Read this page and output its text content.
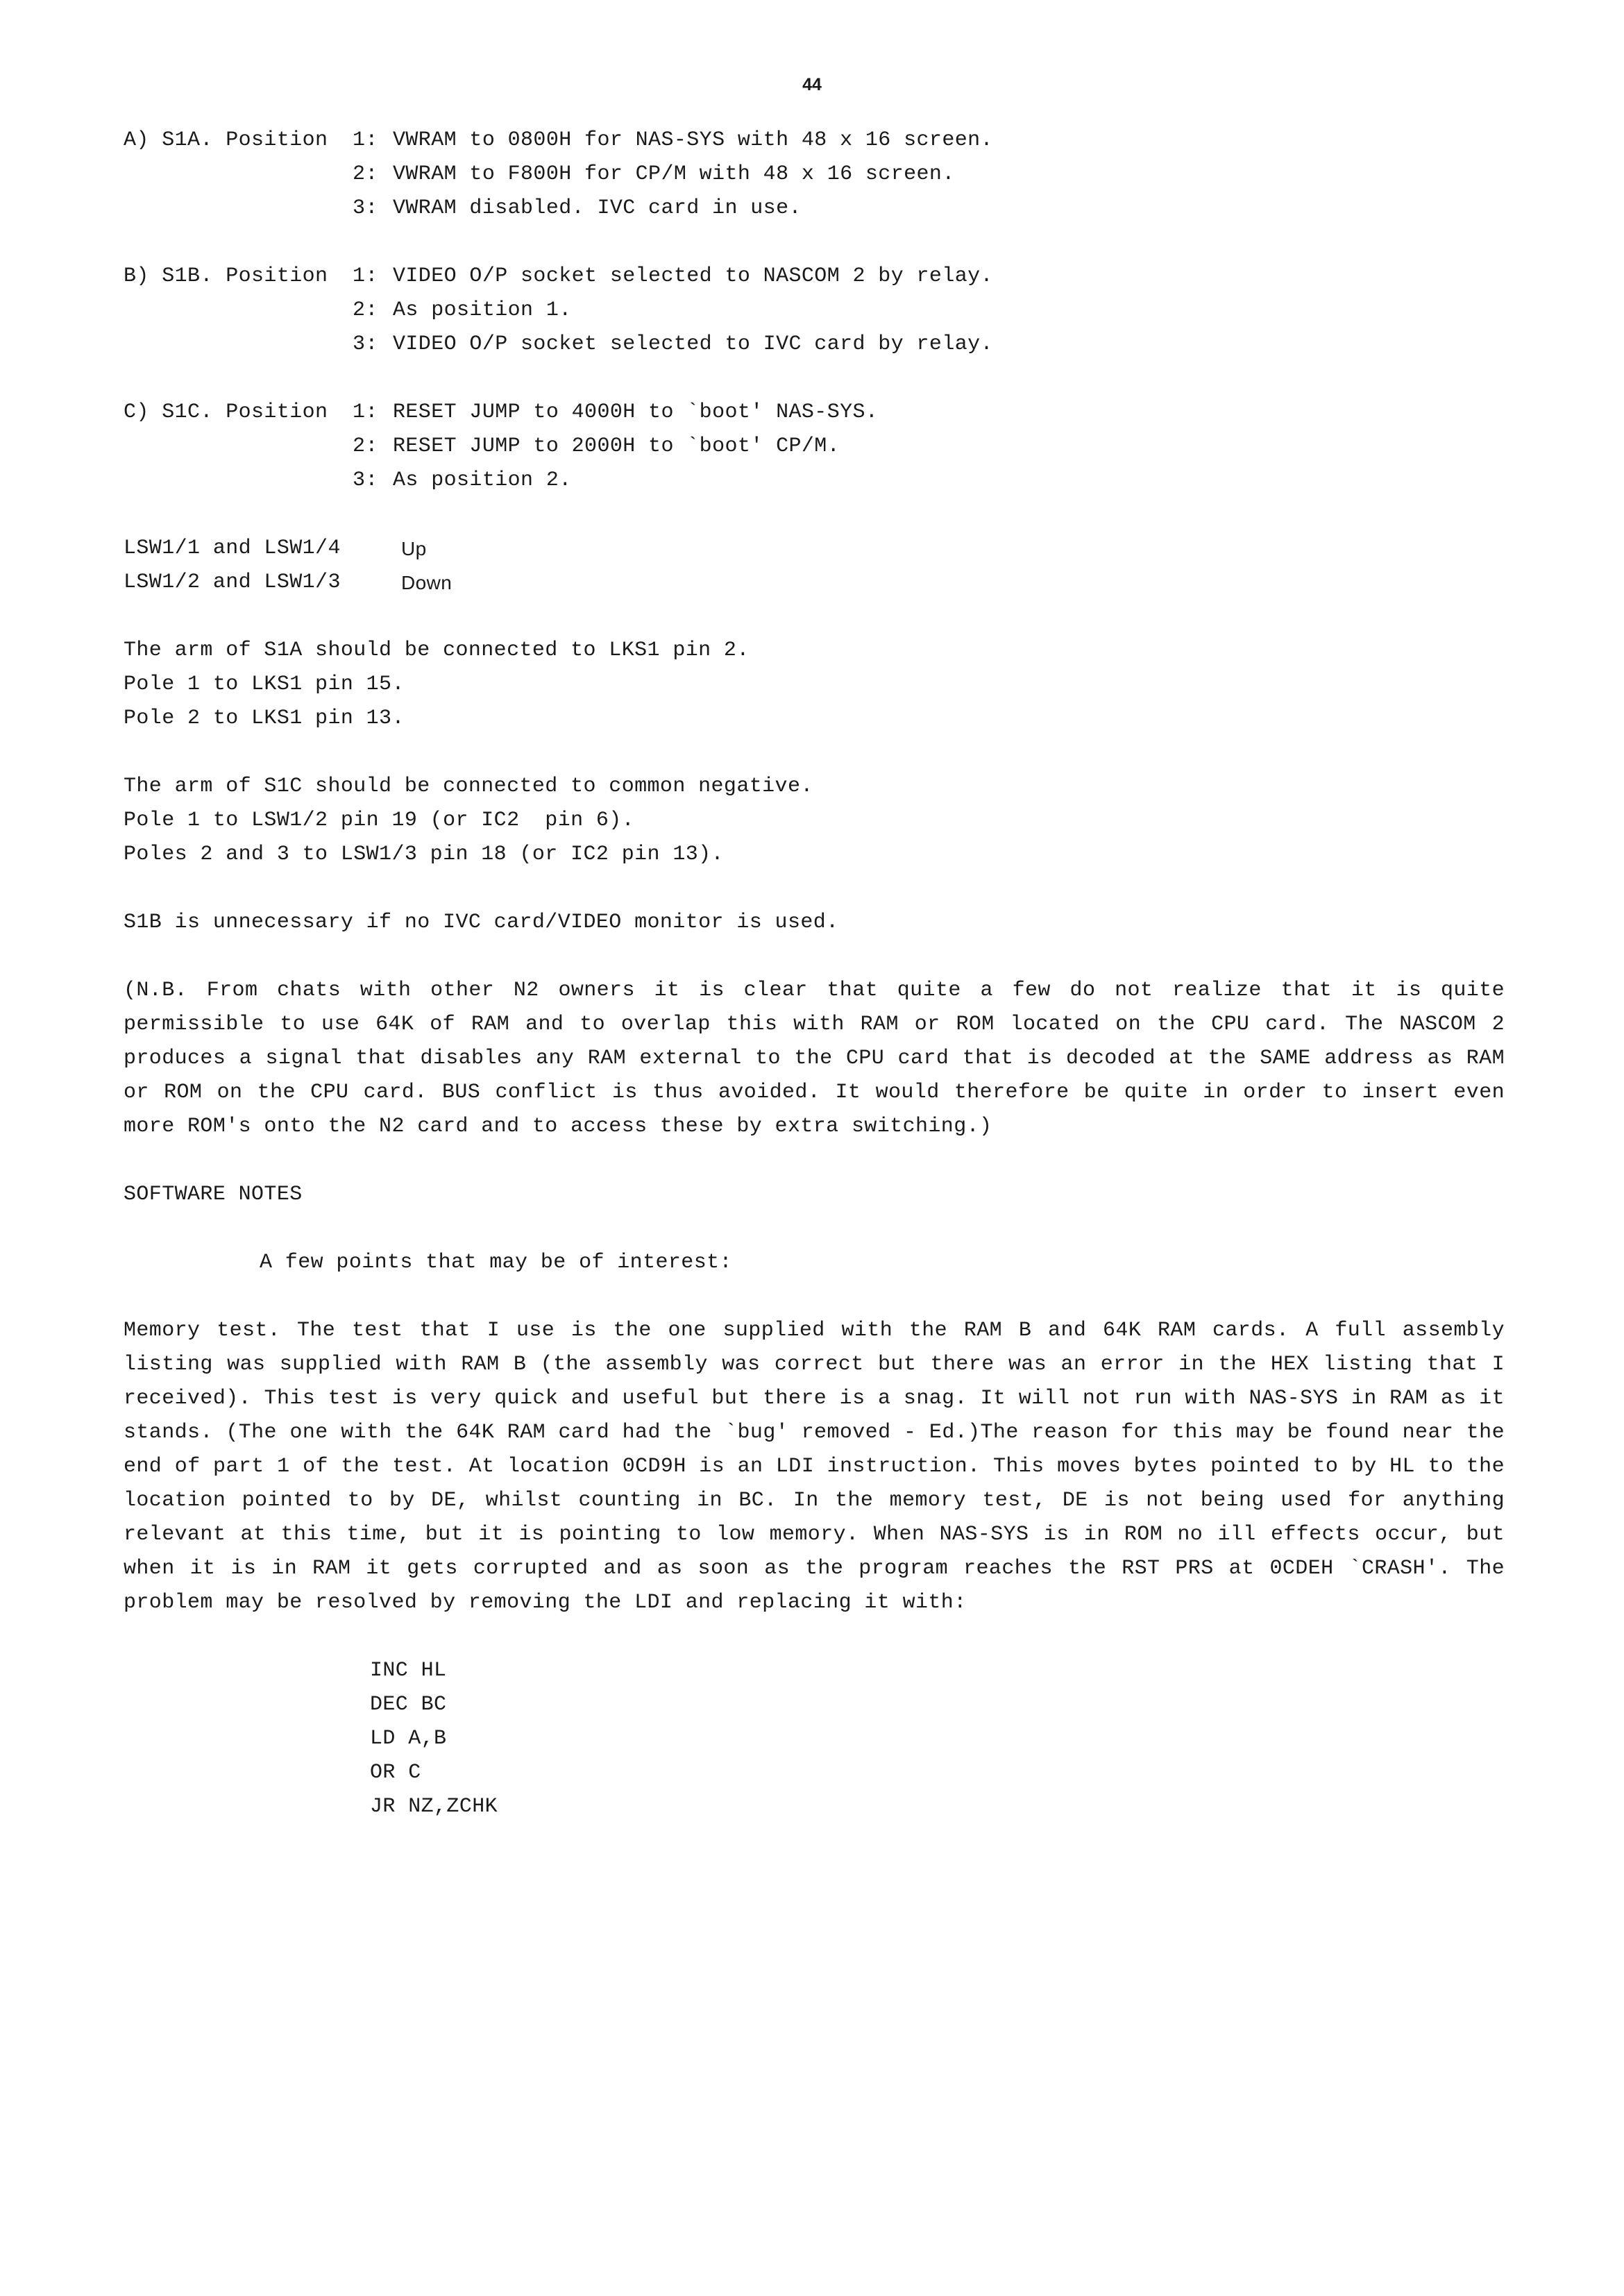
44
A) S1A. Position	1: VWRAM to 0800H for NAS-SYS with 48 x 16 screen.
2: VWRAM to F800H for CP/M with 48 x 16 screen.
3: VWRAM disabled. IVC card in use.
B) S1B. Position	1: VIDEO O/P socket selected to NASCOM 2 by relay.
2: As position 1.
3: VIDEO O/P socket selected to IVC card by relay.
C) S1C. Position	1: RESET JUMP to 4000H to `boot' NAS-SYS.
2: RESET JUMP to 2000H to `boot' CP/M.
3: As position 2.
LSW1/1 and LSW1/4	Up
LSW1/2 and LSW1/3	Down
The arm of S1A should be connected to LKS1 pin 2.
Pole 1 to LKS1 pin 15.
Pole 2 to LKS1 pin 13.
The arm of S1C should be connected to common negative.
Pole 1 to LSW1/2 pin 19 (or IC2  pin 6).
Poles 2 and 3 to LSW1/3 pin 18 (or IC2 pin 13).
S1B is unnecessary if no IVC card/VIDEO monitor is used.
(N.B. From chats with other N2 owners it is clear that quite a few do not realize that it is quite permissible to use 64K of RAM and to overlap this with RAM or ROM located on the CPU card. The NASCOM 2 produces a signal that disables any RAM external to the CPU card that is decoded at the SAME address as RAM or ROM on the CPU card. BUS conflict is thus avoided. It would therefore be quite in order to insert even more ROM's onto the N2 card and to access these by extra switching.)
SOFTWARE NOTES
A few points that may be of interest:
Memory test. The test that I use is the one supplied with the RAM B and 64K RAM cards. A full assembly listing was supplied with RAM B (the assembly was correct but there was an error in the HEX listing that I received). This test is very quick and useful but there is a snag. It will not run with NAS-SYS in RAM as it stands. (The one with the 64K RAM card had the `bug' removed - Ed.)The reason for this may be found near the end of part 1 of the test. At location 0CD9H is an LDI instruction. This moves bytes pointed to by HL to the location pointed to by DE, whilst counting in BC. In the memory test, DE is not being used for anything relevant at this time, but it is pointing to low memory. When NAS-SYS is in ROM no ill effects occur, but when it is in RAM it gets corrupted and as soon as the program reaches the RST PRS at 0CDEH `CRASH'. The problem may be resolved by removing the LDI and replacing it with:
INC HL
DEC BC
LD A,B
OR C
JR NZ,ZCHK
